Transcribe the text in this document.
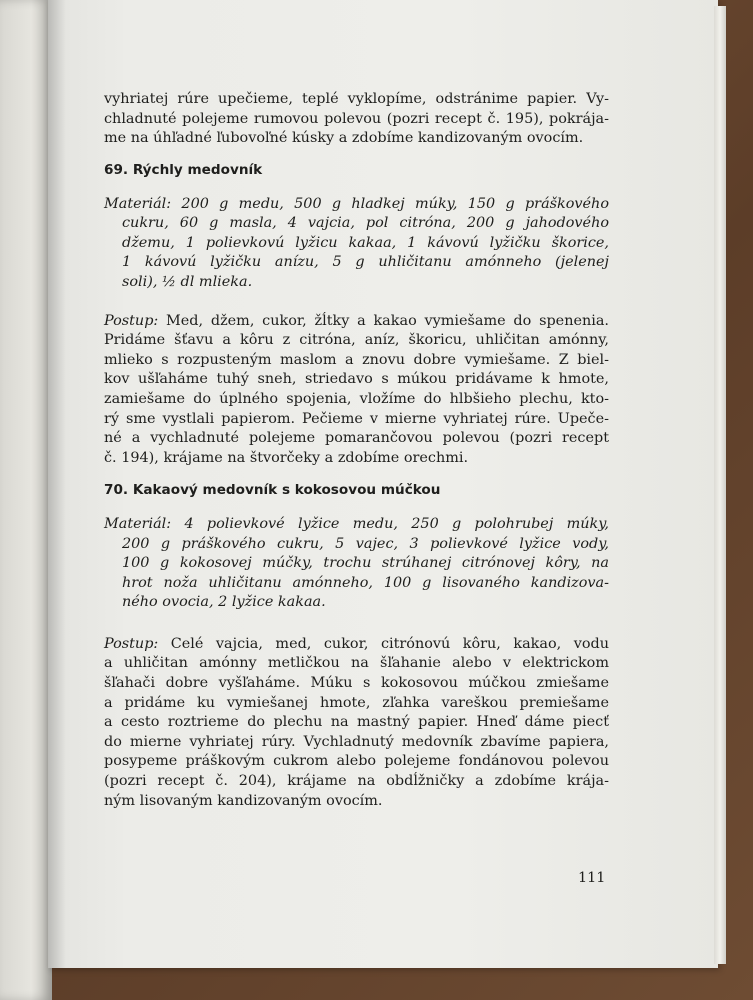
vyhriatej rúre upečieme, teplé vyklopíme, odstránime papier. Vy-
chladnuté polejeme rumovou polevou (pozri recept č. 195), pokrája-
me na úhľadné ľubovoľné kúsky a zdobíme kandizovaným ovocím.
69. Rýchly medovník
Materiál: 200 g medu, 500 g hladkej múky, 150 g práškového
cukru, 60 g masla, 4 vajcia, pol citróna, 200 g jahodového
džemu, 1 polievkovú lyžicu kakaa, 1 kávovú lyžičku škorice,
1 kávovú lyžičku anízu, 5 g uhličitanu amónneho (jelenej
soli), ½ dl mlieka.
Postup: Med, džem, cukor, žĺtky a kakao vymiešame do spenenia.
Pridáme šťavu a kôru z citróna, aníz, škoricu, uhličitan amónny,
mlieko s rozpusteným maslom a znovu dobre vymiešame. Z biel-
kov ušľaháme tuhý sneh, striedavo s múkou pridávame k hmote,
zamiešame do úplného spojenia, vložíme do hlbšieho plechu, kto-
rý sme vystlali papierom. Pečieme v mierne vyhriatej rúre. Upeče-
né a vychladnuté polejeme pomarančovou polevou (pozri recept
č. 194), krájame na štvorčeky a zdobíme orechmi.
70. Kakaový medovník s kokosovou múčkou
Materiál: 4 polievkové lyžice medu, 250 g polohrubej múky,
200 g práškového cukru, 5 vajec, 3 polievkové lyžice vody,
100 g kokosovej múčky, trochu strúhanej citrónovej kôry, na
hrot noža uhličitanu amónneho, 100 g lisovaného kandizova-
ného ovocia, 2 lyžice kakaa.
Postup: Celé vajcia, med, cukor, citrónovú kôru, kakao, vodu
a uhličitan amónny metličkou na šľahanie alebo v elektrickom
šľahači dobre vyšľaháme. Múku s kokosovou múčkou zmiešame
a pridáme ku vymiešanej hmote, zľahka vareškou premiešame
a cesto roztrieme do plechu na mastný papier. Hneď dáme piecť
do mierne vyhriatej rúry. Vychladnutý medovník zbavíme papiera,
posypeme práškovým cukrom alebo polejeme fondánovou polevou
(pozri recept č. 204), krájame na obdĺžničky a zdobíme krája-
ným lisovaným kandizovaným ovocím.
111
